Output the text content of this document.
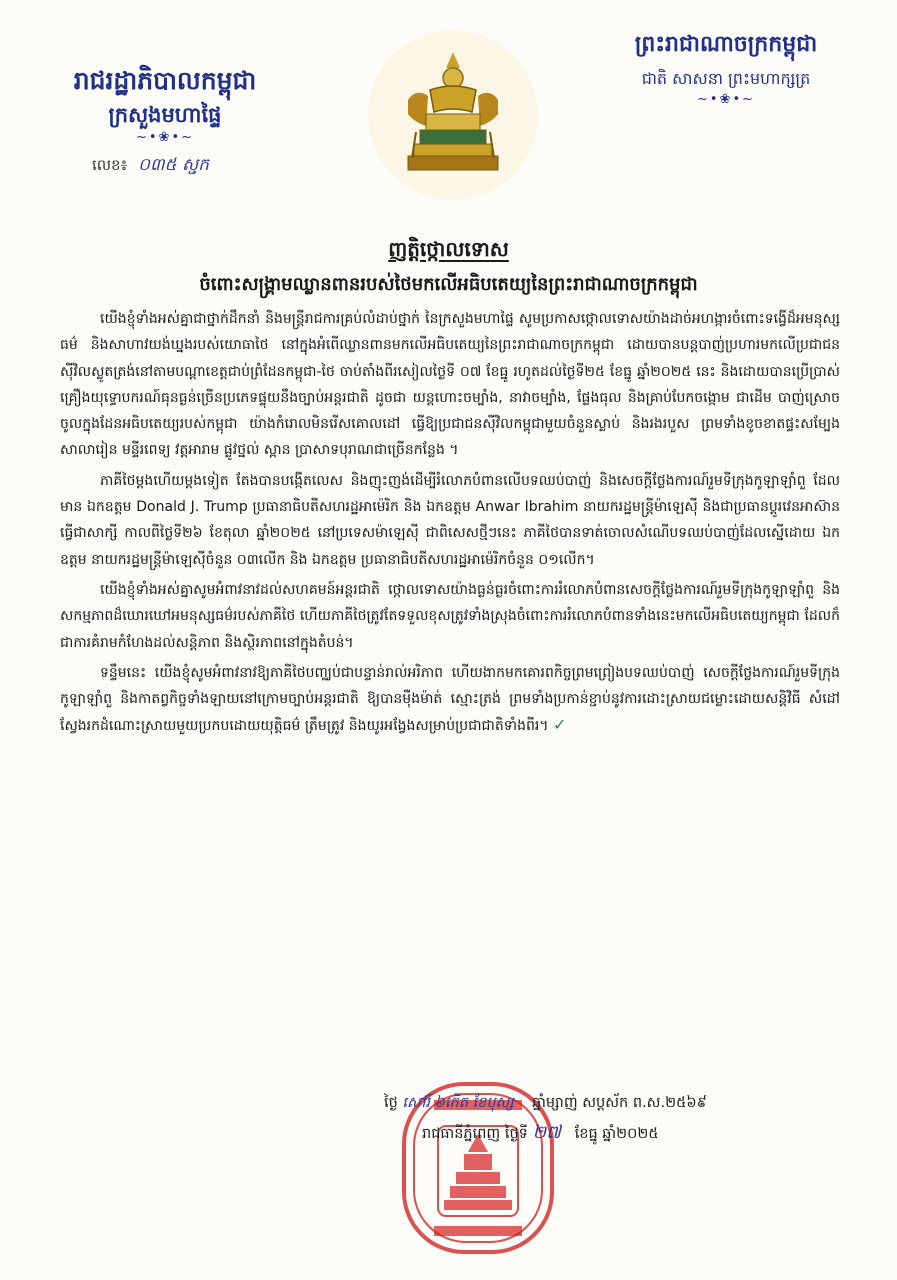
រាជរដ្ឋាភិបាលកម្ពុជា
ក្រសួងមហាផ្ទៃ
~•❀•~
លេខ៖ ០៣៥ ស្ជក
ព្រះរាជាណាចក្រកម្ពុជា
ជាតិ សាសនា ព្រះមហាក្សត្រ
~•❀•~
ញត្តិថ្កោលទោស
ចំពោះសង្គ្រាមឈ្លានពានរបស់ថៃមកលើអធិបតេយ្យនៃព្រះរាជាណាចក្រកម្ពុជា

យើងខ្ញុំទាំងអស់គ្នាជាថ្នាក់ដឹកនាំ និងមន្រ្តីរាជការគ្រប់លំដាប់ថ្នាក់ នៃក្រសួងមហាផ្ទៃ សូមប្រកាសថ្កោលទោសយ៉ាងដាច់អហង្ការចំពោះទង្វើដ៏អមនុស្សធម៌ និងសាហាវយង់ឃ្នងរបស់យោធាថៃ នៅក្នុងអំពើឈ្លានពានមកលើអធិបតេយ្យនៃព្រះរាជាណាចក្រកម្ពុជា ដោយបានបន្តបាញ់ប្រហារមកលើប្រជាជនស៊ីវិលស្លូតត្រង់នៅតាមបណ្តាខេត្តជាប់ព្រំដែនកម្ពុជា-ថៃ ចាប់តាំងពីរសៀលថ្ងៃទី ០៧ ខែធ្នូ រហូតដល់ថ្ងៃទី២៥ ខែធ្នូ ឆ្នាំ២០២៥ នេះ និងដោយបានប្រើប្រាស់គ្រឿងយុទ្ធោបករណ៍ធុនធ្ងន់ច្រើនប្រភេទផ្ទុយនឹងច្បាប់អន្តរជាតិ ដូចជា យន្តហោះចម្បាំង, នាវាចម្បាំង, ផ្លែងធុល និងគ្រាប់បែកចង្កោម ជាដើម បាញ់ស្រោចចូលក្នុងដែនអធិបតេយ្យរបស់កម្ពុជា យ៉ាងកំរោលមិនរើសគោលដៅ ធ្វើឱ្យប្រជាជនស៊ីវិលកម្ពុជាមួយចំនួនស្លាប់ និងរងរបួស ព្រមទាំងខូចខាតផ្ទះសម្បែង សាលារៀន មន្ទីរពេទ្យ វត្តអារាម ផ្លូវថ្នល់ ស្ពាន ប្រាសាទបុរាណជាច្រើនកន្លែង ។

ភាគីថៃម្តងហើយម្តងទៀត តែងបានបង្កើតលេស និងញុះញង់ដើម្បីរំលោភបំពានលើបទឈប់បាញ់ និងសេចក្តីថ្លែងការណ៍រួមទីក្រុងកូឡាឡាំពួ ដែលមាន ឯកឧត្តម Donald J. Trump ប្រធានាធិបតីសហរដ្ឋអាម៉េរិក និង ឯកឧត្តម Anwar Ibrahim នាយករដ្ឋមន្រ្តីម៉ាឡេស៊ី និងជាប្រធានប្តូរវេនអាស៊ានធ្វើជាសាក្សី កាលពីថ្ងៃទី២៦ ខែតុលា ឆ្នាំ២០២៥ នៅប្រទេសម៉ាឡេស៊ី ជាពិសេសថ្មីៗនេះ ភាគីថៃបានទាត់ចោលសំណើបទឈប់បាញ់ដែលស្នើដោយ ឯកឧត្តម នាយករដ្ឋមន្រ្តីម៉ាឡេស៊ីចំនួន ០៣លើក និង ឯកឧត្តម ប្រធានាធិបតីសហរដ្ឋអាម៉េរិកចំនួន ០១លើក។

យើងខ្ញុំទាំងអស់គ្នាសូមអំពាវនាវដល់សហគមន៍អន្តរជាតិ ថ្កោលទោសយ៉ាងធ្ងន់ធ្ងរចំពោះការរំលោភបំពានសេចក្តីថ្លែងការណ៍រួមទីក្រុងកូឡាឡាំពួ និងសកម្មភាពដ៏ឃោរឃៅអមនុស្សធម៌របស់ភាគីថៃ ហើយភាគីថៃត្រូវតែទទួលខុសត្រូវទាំងស្រុងចំពោះការរំលោភបំពានទាំងនេះមកលើអធិបតេយ្យកម្ពុជា ដែលក៏ជាការគំរាមកំហែងដល់សន្តិភាព និងស្ថិរភាពនៅក្នុងតំបន់។

ទន្ទឹមនេះ យើងខ្ញុំសូមអំពាវនាវឱ្យភាគីថៃបញ្ឈប់ជាបន្ទាន់រាល់អរិភាព ហើយងាកមកគោរពកិច្ចព្រមព្រៀងបទឈប់បាញ់ សេចក្តីថ្លែងការណ៍រួមទីក្រុងកូឡាឡាំពួ និងកាតព្វកិច្ចទាំងឡាយនៅក្រោមច្បាប់អន្តរជាតិ ឱ្យបានម៉ឺងម៉ាត់ ស្មោះត្រង់ ព្រមទាំងប្រកាន់ខ្ជាប់នូវការដោះស្រាយជម្លោះដោយសន្តិវិធី សំដៅស្វែងរកដំណោះស្រាយមួយប្រកបដោយយុត្តិធម៌ ត្រឹមត្រូវ និងយូរអង្វែងសម្រាប់ប្រជាជាតិទាំងពីរ។ ✓

ថ្ងៃ សៅរ៍ ៦កើត ខែបុស្ស ឆ្នាំម្សាញ់ សប្តស័ក ព.ស.២៥៦៩
រាជធានីភ្នំពេញ ថ្ងៃទី ២៧ ខែធ្នូ ឆ្នាំ២០២៥
